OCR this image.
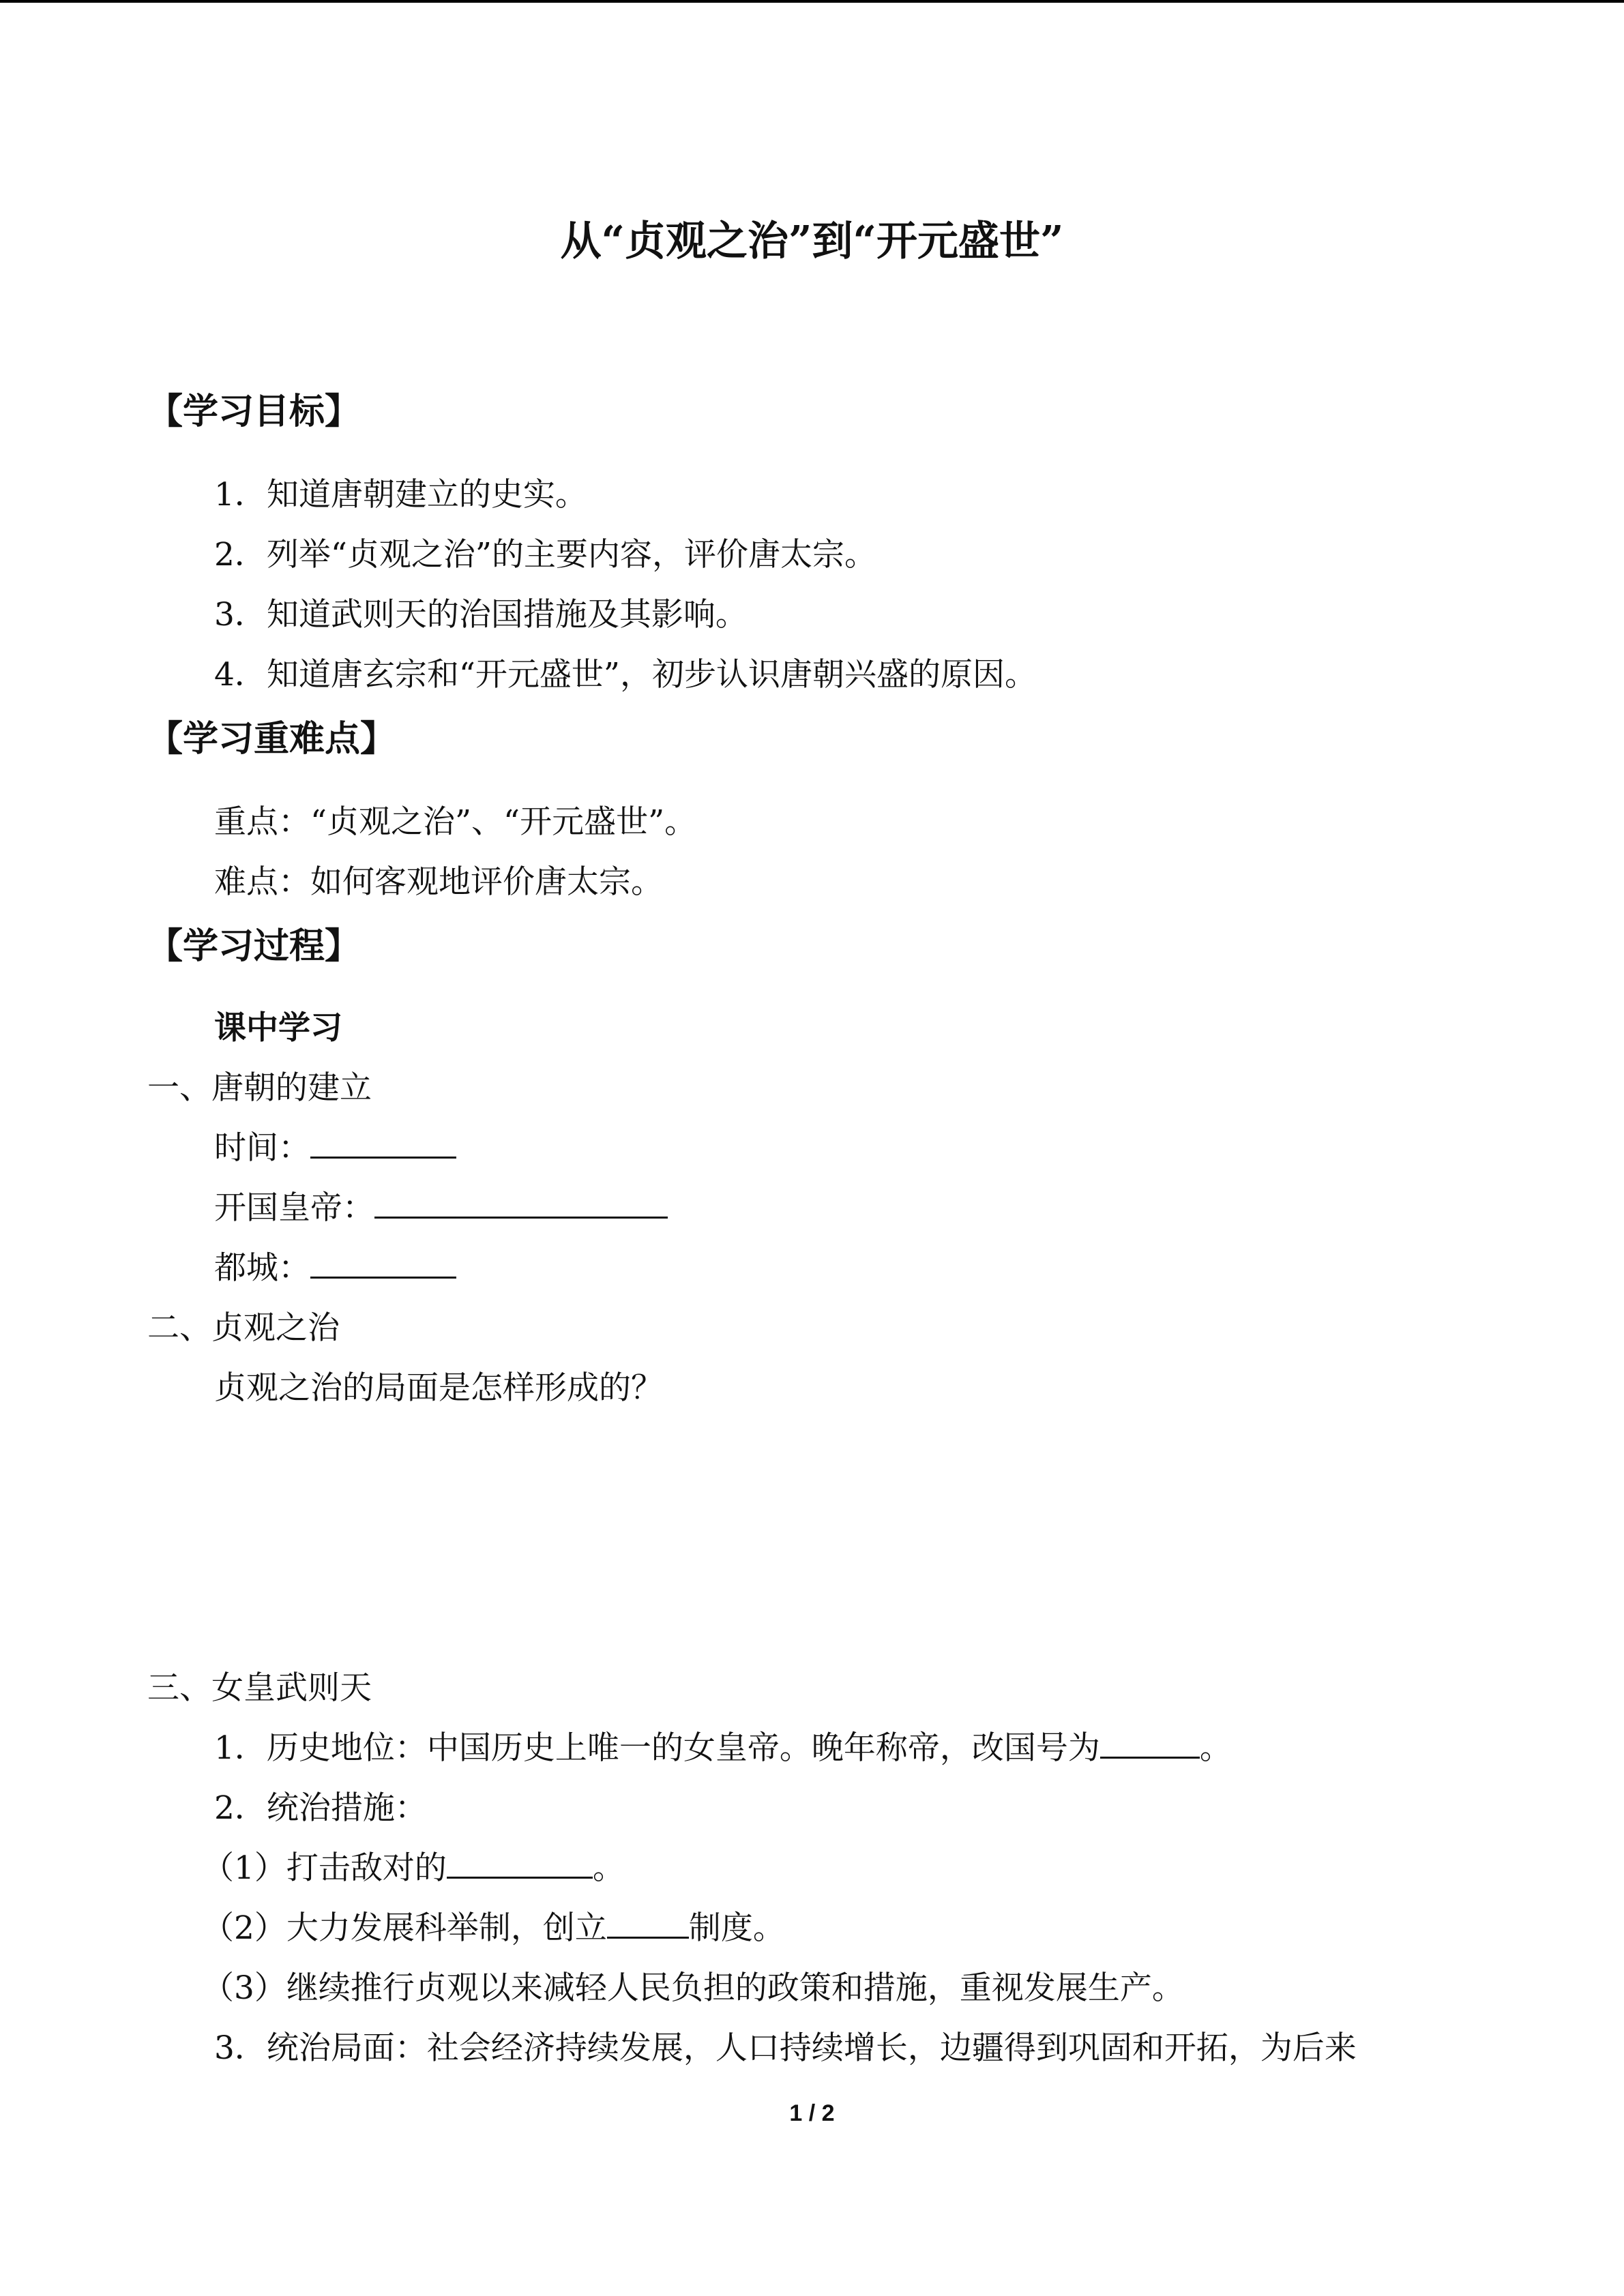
从“贞观之治”到“开元盛世”
【学习目标】
1．知道唐朝建立的史实。
2．列举“贞观之治”的主要内容，评价唐太宗。
3．知道武则天的治国措施及其影响。
4．知道唐玄宗和“开元盛世”，初步认识唐朝兴盛的原因。
【学习重难点】
重点：“贞观之治”、“开元盛世”。
难点：如何客观地评价唐太宗。
【学习过程】
课中学习
一、唐朝的建立
时间：
开国皇帝：
都城：
二、贞观之治
贞观之治的局面是怎样形成的？
三、女皇武则天
1．历史地位：中国历史上唯一的女皇帝。晚年称帝，改国号为	。
2．统治措施：
（1）打击敌对的	。
（2）大力发展科举制，创立	制度。
（3）继续推行贞观以来减轻人民负担的政策和措施，重视发展生产。
3．统治局面：社会经济持续发展，人口持续增长，边疆得到巩固和开拓，为后来
1 / 2
